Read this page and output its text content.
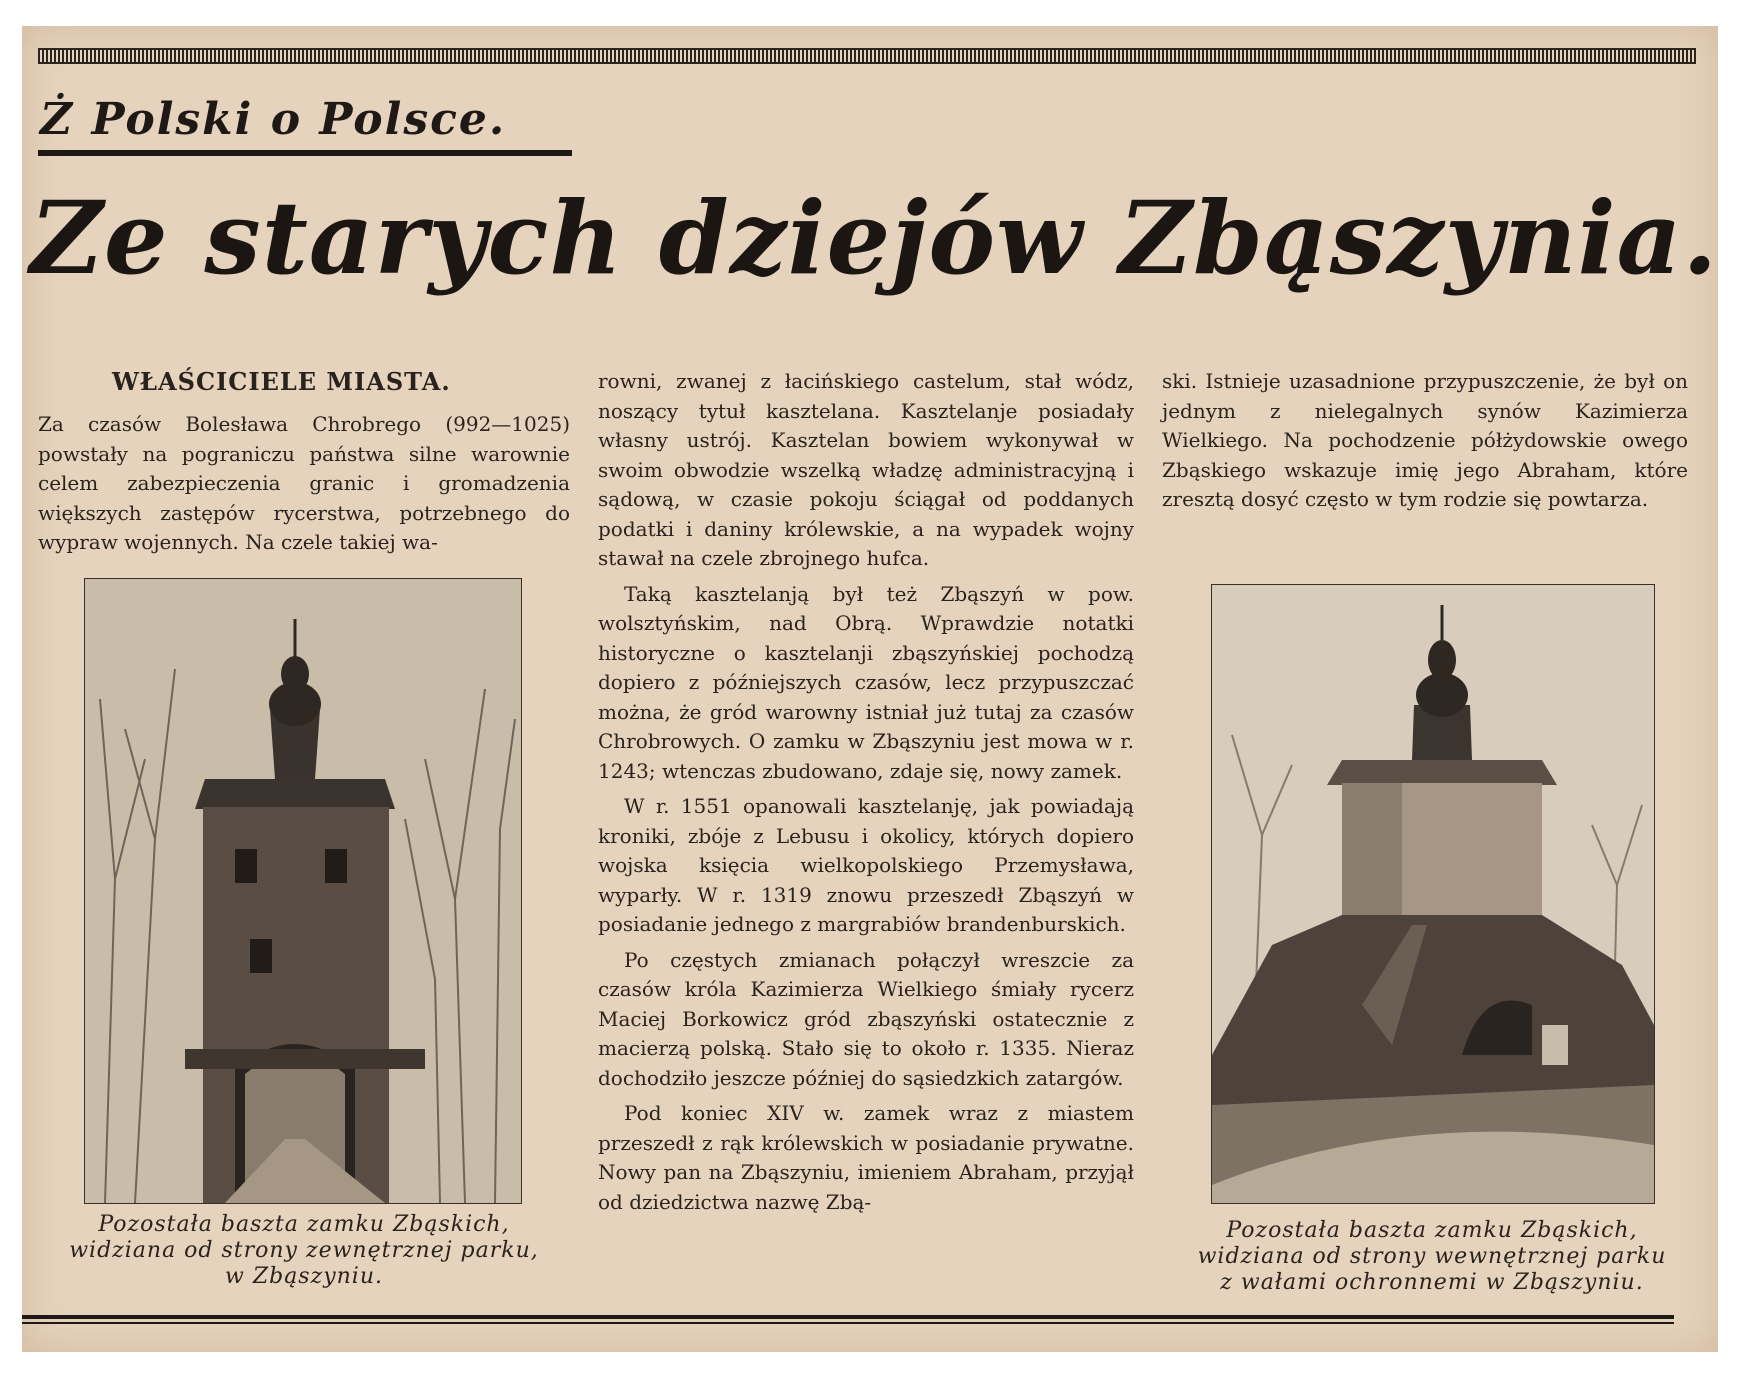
Ż Polski o Polsce.
Ze starych dziejów Zbąszynia.
WŁAŚCICIELE MIASTA.

Za czasów Bolesława Chrobrego (992—1025) powstały na pograniczu państwa silne warownie celem zabezpieczenia granic i gromadzenia większych zastępów rycerstwa, potrzebnego do wypraw wojennych. Na czele takiej wa-

Pozostała baszta zamku Zbąskich,
widziana od strony zewnętrznej parku,
w Zbąszyniu.

rowni, zwanej z łacińskiego castelum, stał wódz, noszący tytuł kasztelana. Kasztelanje posiadały własny ustrój. Kasztelan bowiem wykonywał w swoim obwodzie wszelką władzę administracyjną i sądową, w czasie pokoju ściągał od poddanych podatki i daniny królewskie, a na wypadek wojny stawał na czele zbrojnego hufca.

Taką kasztelanją był też Zbąszyń w pow. wolsztyńskim, nad Obrą. Wprawdzie notatki historyczne o kasztelanji zbąszyńskiej pochodzą dopiero z późniejszych czasów, lecz przypuszczać można, że gród warowny istniał już tutaj za czasów Chrobrowych. O zamku w Zbąszyniu jest mowa w r. 1243; wtenczas zbudowano, zdaje się, nowy zamek.

W r. 1551 opanowali kasztelanję, jak powiadają kroniki, zbóje z Lebusu i okolicy, których dopiero wojska księcia wielkopolskiego Przemysława, wyparły. W r. 1319 znowu przeszedł Zbąszyń w posiadanie jednego z margrabiów brandenburskich.

Po częstych zmianach połączył wreszcie za czasów króla Kazimierza Wielkiego śmiały rycerz Maciej Borkowicz gród zbąszyński ostatecznie z macierzą polską. Stało się to około r. 1335. Nieraz dochodziło jeszcze później do sąsiedzkich zatargów.

Pod koniec XIV w. zamek wraz z miastem przeszedł z rąk królewskich w posiadanie prywatne. Nowy pan na Zbąszyniu, imieniem Abraham, przyjął od dziedzictwa nazwę Zbą-

ski. Istnieje uzasadnione przypuszczenie, że był on jednym z nielegalnych synów Kazimierza Wielkiego. Na pochodzenie półżydowskie owego Zbąskiego wskazuje imię jego Abraham, które zresztą dosyć często w tym rodzie się powtarza.

Pozostała baszta zamku Zbąskich,
widziana od strony wewnętrznej parku
z wałami ochronnemi w Zbąszyniu.
